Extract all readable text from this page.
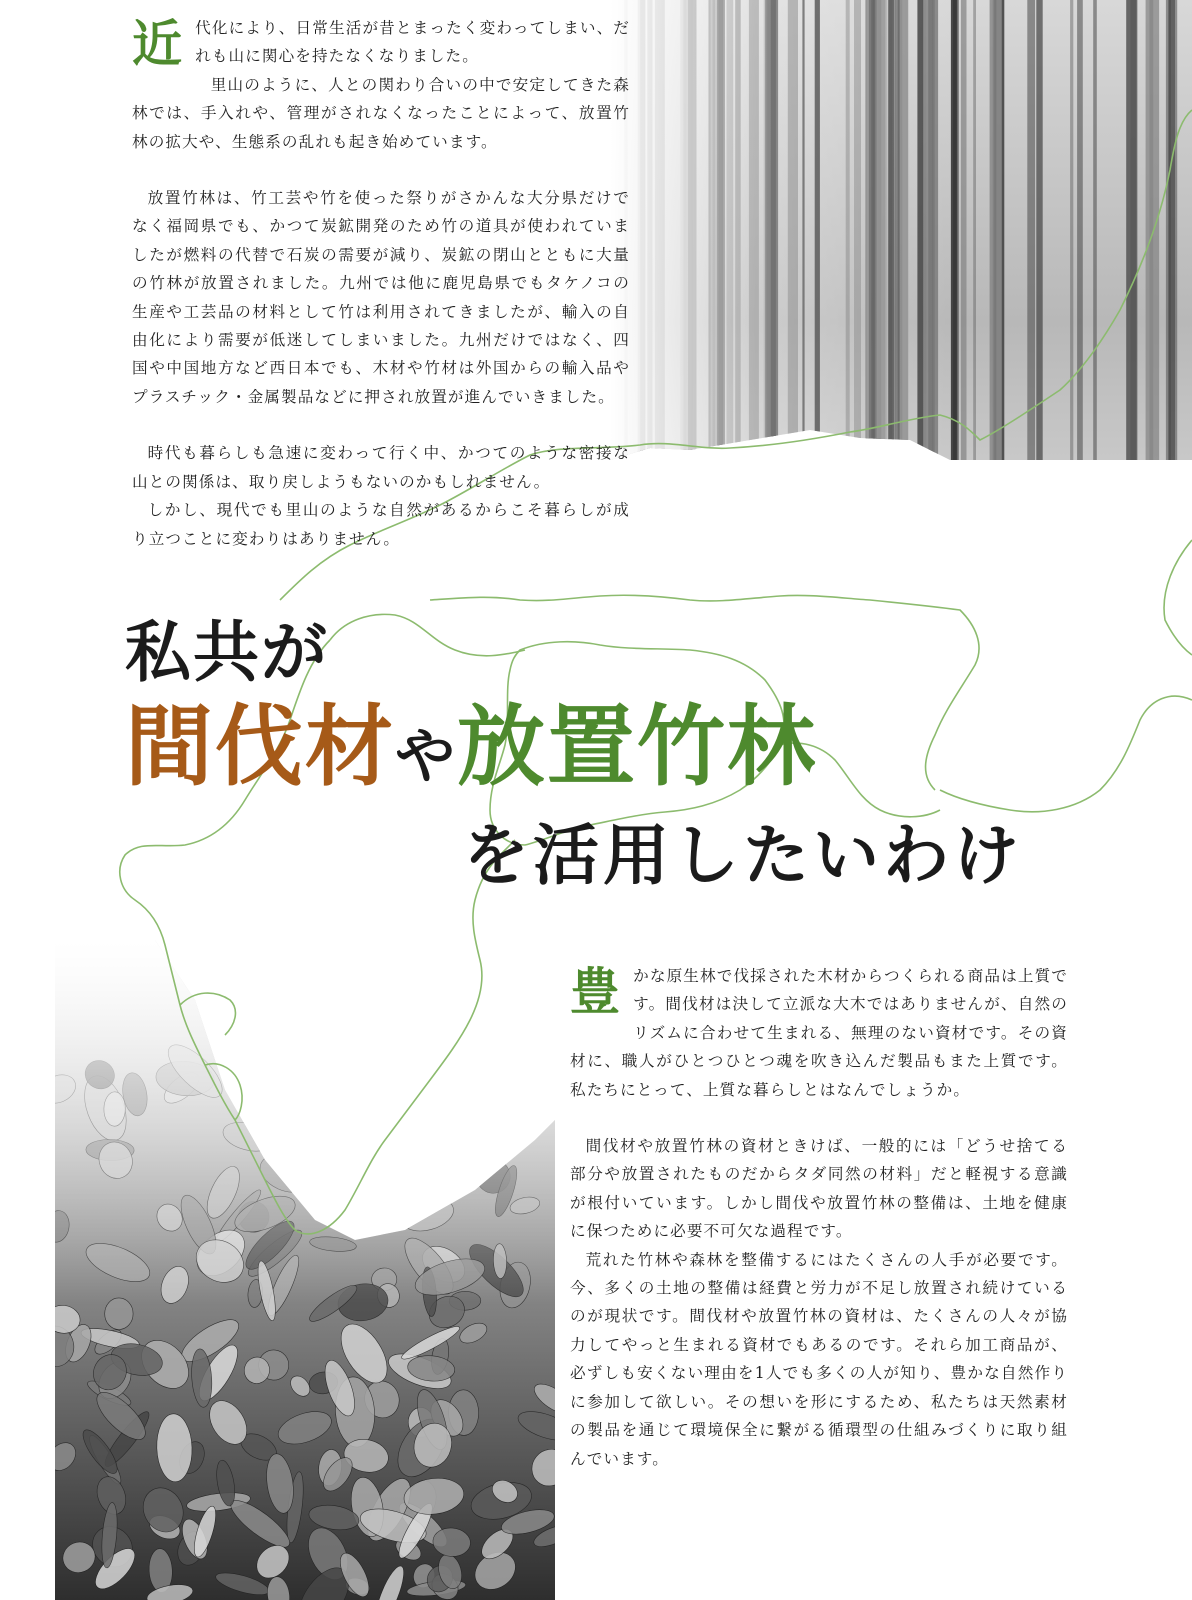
近代化により、日常生活が昔とまったく変わってしまい、だれも山に関心を持たなくなりました。

里山のように、人との関わり合いの中で安定してきた森林では、手入れや、管理がされなくなったことによって、放置竹林の拡大や、生態系の乱れも起き始めています。

放置竹林は、竹工芸や竹を使った祭りがさかんな大分県だけでなく福岡県でも、かつて炭鉱開発のため竹の道具が使われていましたが燃料の代替で石炭の需要が減り、炭鉱の閉山とともに大量の竹林が放置されました。九州では他に鹿児島県でもタケノコの生産や工芸品の材料として竹は利用されてきましたが、輸入の自由化により需要が低迷してしまいました。九州だけではなく、四国や中国地方など西日本でも、木材や竹材は外国からの輸入品やプラスチック・金属製品などに押され放置が進んでいきました。

時代も暮らしも急速に変わって行く中、かつてのような密接な山との関係は、取り戻しようもないのかもしれません。

しかし、現代でも里山のような自然があるからこそ暮らしが成り立つことに変わりはありません。

私共が
間伐材や放置竹林
を活用したいわけ

豊かな原生林で伐採された木材からつくられる商品は上質です。間伐材は決して立派な大木ではありませんが、自然のリズムに合わせて生まれる、無理のない資材です。その資材に、職人がひとつひとつ魂を吹き込んだ製品もまた上質です。私たちにとって、上質な暮らしとはなんでしょうか。

間伐材や放置竹林の資材ときけば、一般的には「どうせ捨てる部分や放置されたものだからタダ同然の材料」だと軽視する意識が根付いています。しかし間伐や放置竹林の整備は、土地を健康に保つために必要不可欠な過程です。

荒れた竹林や森林を整備するにはたくさんの人手が必要です。今、多くの土地の整備は経費と労力が不足し放置され続けているのが現状です。間伐材や放置竹林の資材は、たくさんの人々が協力してやっと生まれる資材でもあるのです。それら加工商品が、必ずしも安くない理由を1人でも多くの人が知り、豊かな自然作りに参加して欲しい。その想いを形にするため、私たちは天然素材の製品を通じて環境保全に繋がる循環型の仕組みづくりに取り組んでいます。
